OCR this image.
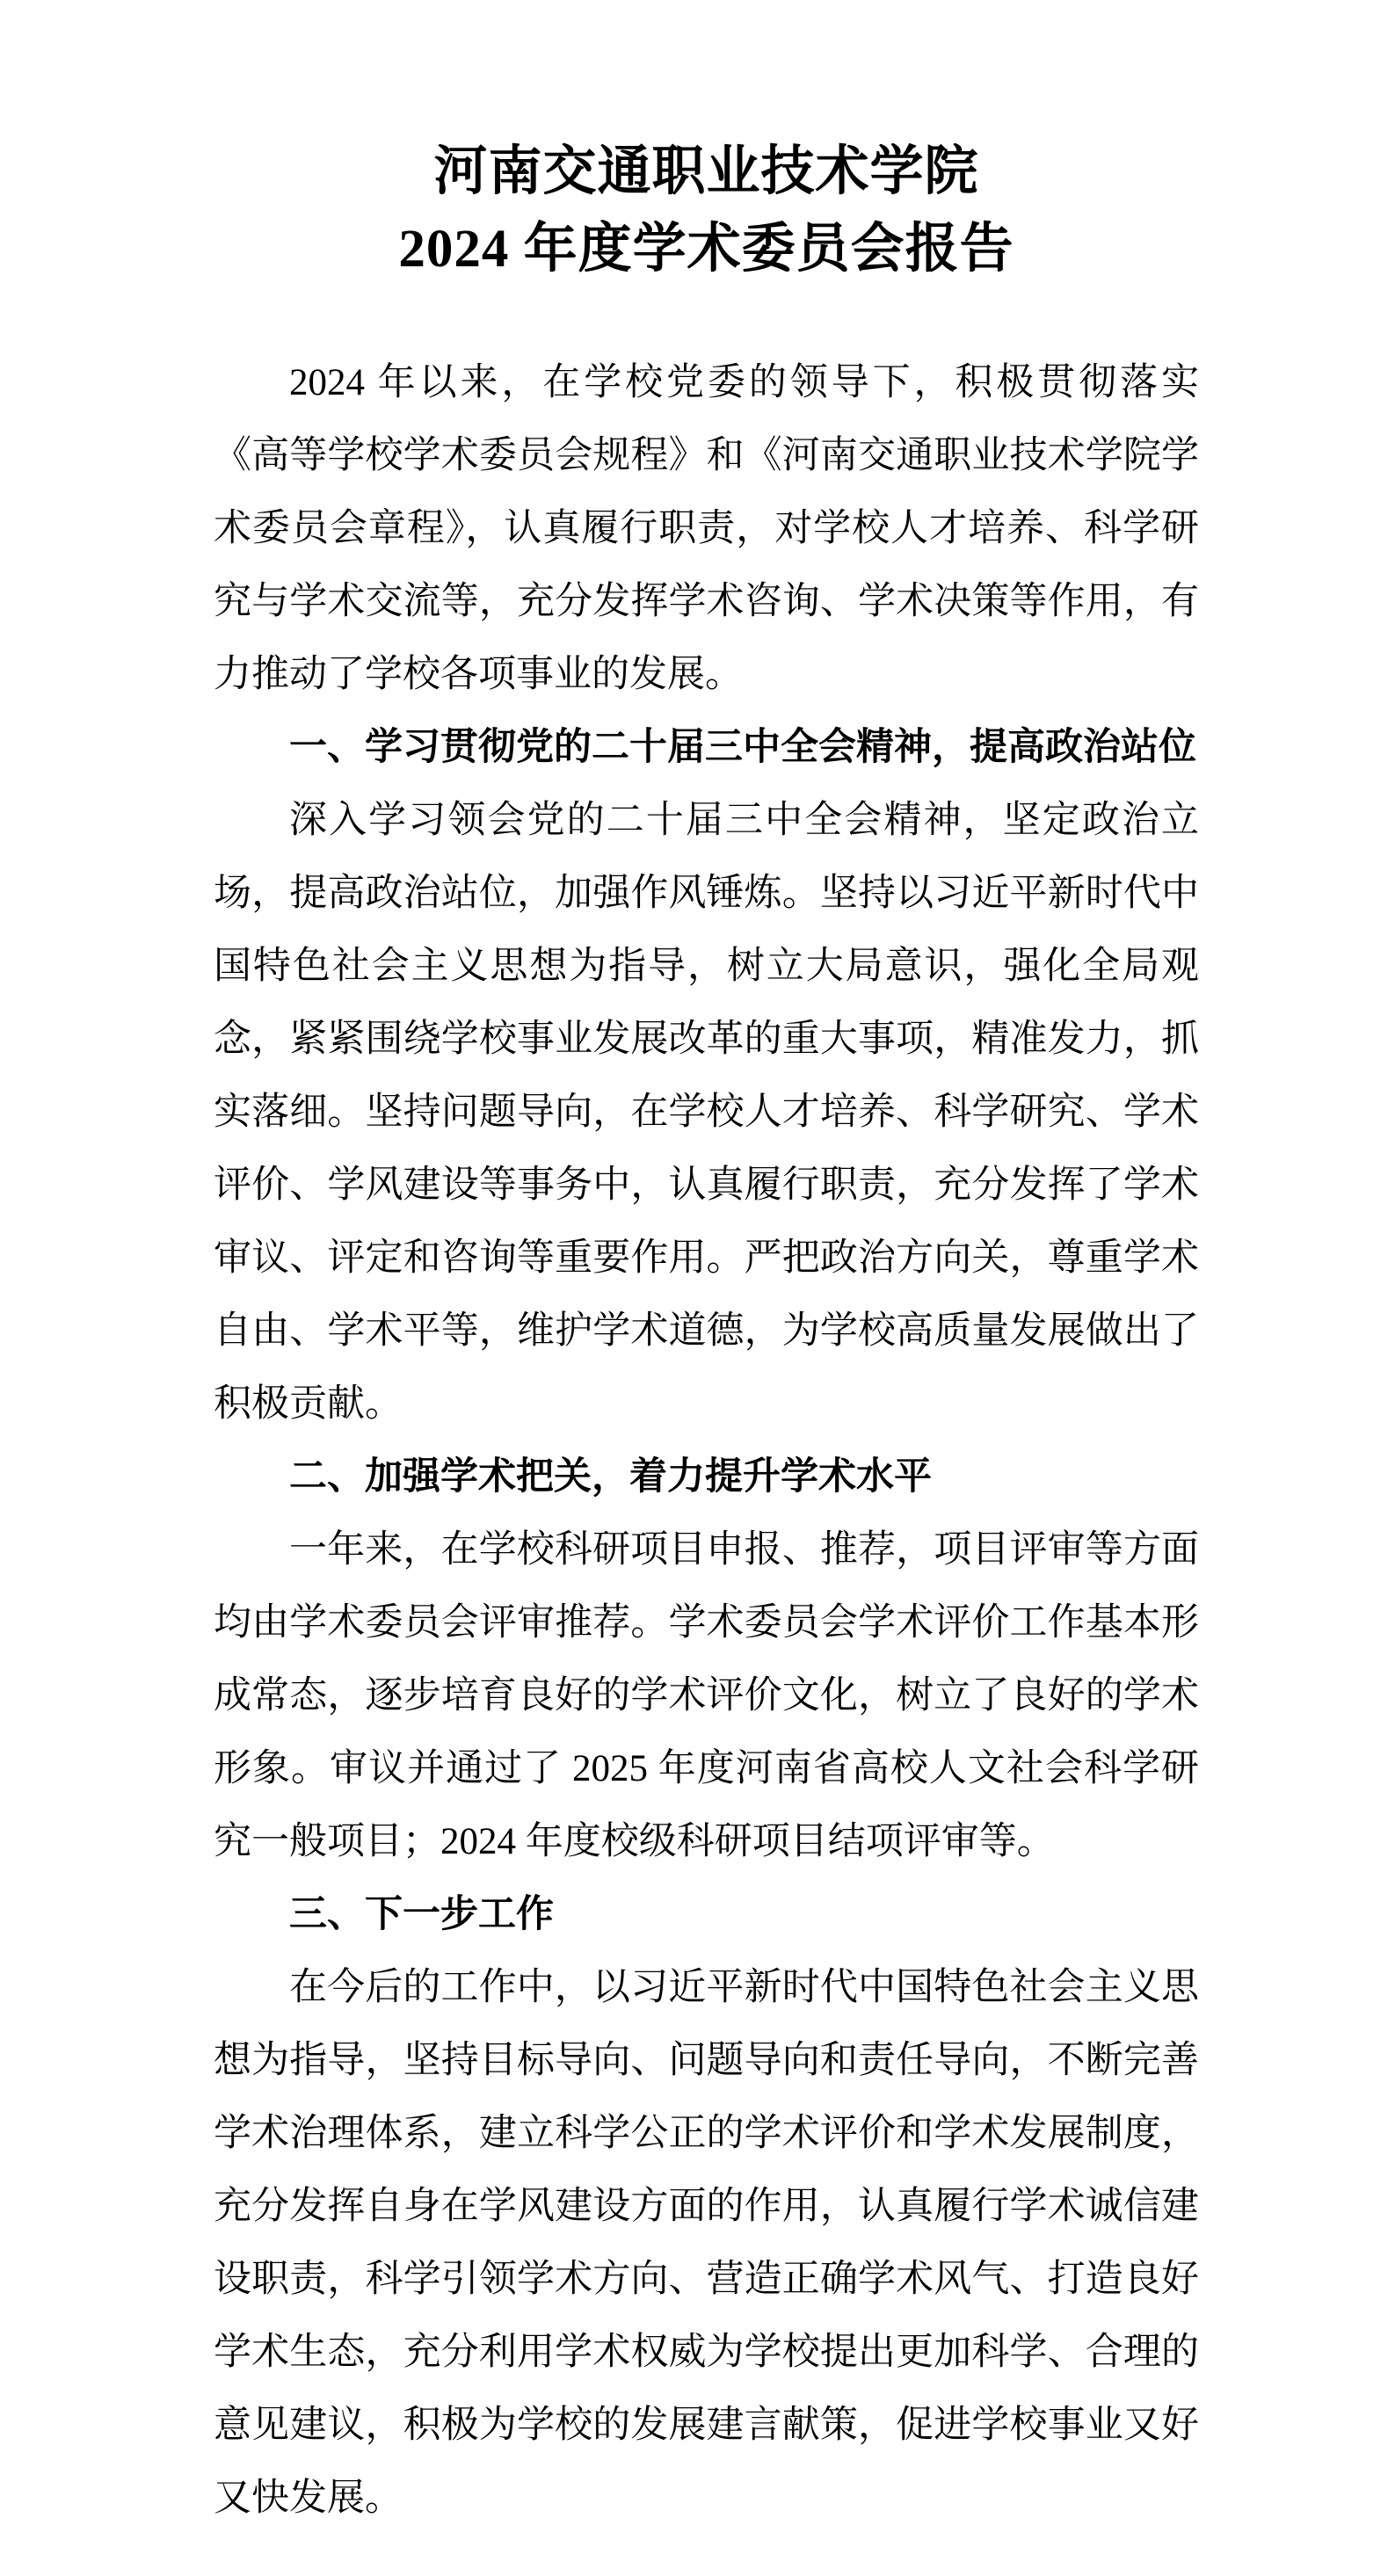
河南交通职业技术学院
2024 年度学术委员会报告

2024 年以来，在学校党委的领导下，积极贯彻落实《高等学校学术委员会规程》和《河南交通职业技术学院学术委员会章程》，认真履行职责，对学校人才培养、科学研究与学术交流等，充分发挥学术咨询、学术决策等作用，有力推动了学校各项事业的发展。

一、学习贯彻党的二十届三中全会精神，提高政治站位

深入学习领会党的二十届三中全会精神，坚定政治立场，提高政治站位，加强作风锤炼。坚持以习近平新时代中国特色社会主义思想为指导，树立大局意识，强化全局观念，紧紧围绕学校事业发展改革的重大事项，精准发力，抓实落细。坚持问题导向，在学校人才培养、科学研究、学术评价、学风建设等事务中，认真履行职责，充分发挥了学术审议、评定和咨询等重要作用。严把政治方向关，尊重学术自由、学术平等，维护学术道德，为学校高质量发展做出了积极贡献。

二、加强学术把关，着力提升学术水平

一年来，在学校科研项目申报、推荐，项目评审等方面均由学术委员会评审推荐。学术委员会学术评价工作基本形成常态，逐步培育良好的学术评价文化，树立了良好的学术形象。审议并通过了 2025 年度河南省高校人文社会科学研究一般项目；2024 年度校级科研项目结项评审等。

三、下一步工作

在今后的工作中，以习近平新时代中国特色社会主义思想为指导，坚持目标导向、问题导向和责任导向，不断完善学术治理体系，建立科学公正的学术评价和学术发展制度，充分发挥自身在学风建设方面的作用，认真履行学术诚信建设职责，科学引领学术方向、营造正确学术风气、打造良好学术生态，充分利用学术权威为学校提出更加科学、合理的意见建议，积极为学校的发展建言献策，促进学校事业又好又快发展。
